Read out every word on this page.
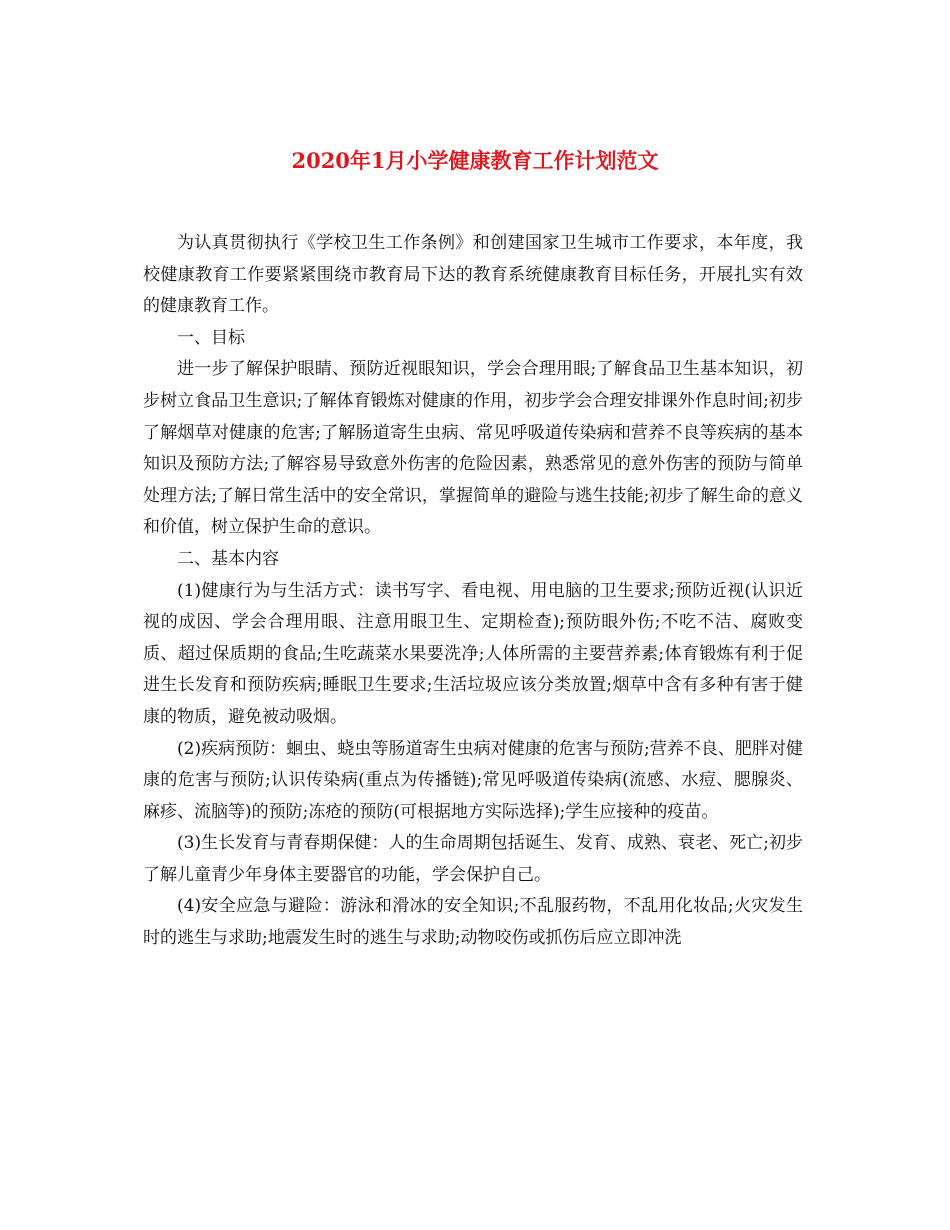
2020年1月小学健康教育工作计划范文

为认真贯彻执行《学校卫生工作条例》和创建国家卫生城市工作要求，本年度，我校健康教育工作要紧紧围绕市教育局下达的教育系统健康教育目标任务，开展扎实有效的健康教育工作。

一、目标

进一步了解保护眼睛、预防近视眼知识，学会合理用眼;了解食品卫生基本知识，初步树立食品卫生意识;了解体育锻炼对健康的作用，初步学会合理安排课外作息时间;初步了解烟草对健康的危害;了解肠道寄生虫病、常见呼吸道传染病和营养不良等疾病的基本知识及预防方法;了解容易导致意外伤害的危险因素，熟悉常见的意外伤害的预防与简单处理方法;了解日常生活中的安全常识，掌握简单的避险与逃生技能;初步了解生命的意义和价值，树立保护生命的意识。

二、基本内容

(1)健康行为与生活方式：读书写字、看电视、用电脑的卫生要求;预防近视(认识近视的成因、学会合理用眼、注意用眼卫生、定期检查);预防眼外伤;不吃不洁、腐败变质、超过保质期的食品;生吃蔬菜水果要洗净;人体所需的主要营养素;体育锻炼有利于促进生长发育和预防疾病;睡眠卫生要求;生活垃圾应该分类放置;烟草中含有多种有害于健康的物质，避免被动吸烟。

(2)疾病预防：蛔虫、蛲虫等肠道寄生虫病对健康的危害与预防;营养不良、肥胖对健康的危害与预防;认识传染病(重点为传播链);常见呼吸道传染病(流感、水痘、腮腺炎、麻疹、流脑等)的预防;冻疮的预防(可根据地方实际选择);学生应接种的疫苗。

(3)生长发育与青春期保健：人的生命周期包括诞生、发育、成熟、衰老、死亡;初步了解儿童青少年身体主要器官的功能，学会保护自己。

(4)安全应急与避险：游泳和滑冰的安全知识;不乱服药物，不乱用化妆品;火灾发生时的逃生与求助;地震发生时的逃生与求助;动物咬伤或抓伤后应立即冲洗
